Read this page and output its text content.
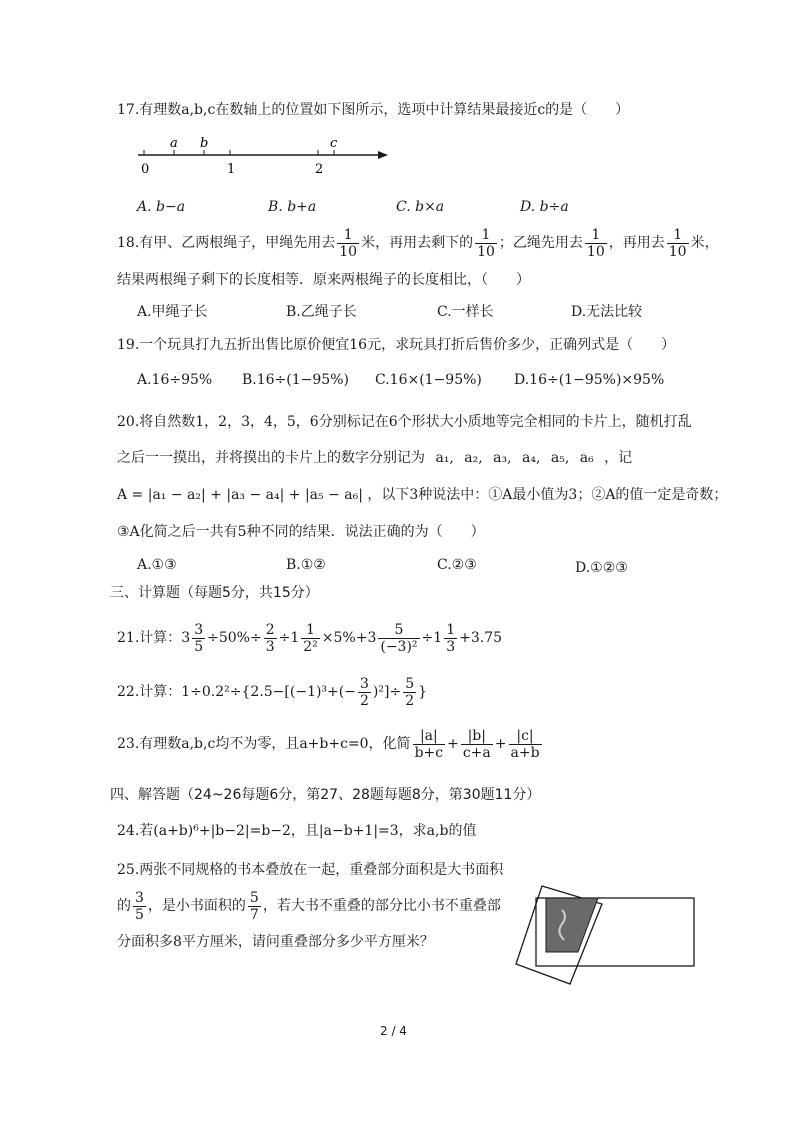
17.有理数a,b,c在数轴上的位置如下图所示，选项中计算结果最接近c的是（　　）
0	1	2
a b	c
A. b−a	B. b+a	C. b×a	D. b÷a
18.有甲、乙两根绳子，甲绳先用去 $\frac{1}{10}$ 米，再用去剩下的 $\frac{1}{10}$ ；乙绳先用去 $\frac{1}{10}$ ，再用去 $\frac{1}{10}$ 米，
结果两根绳子剩下的长度相等．原来两根绳子的长度相比，（　　）
A.甲绳子长	B.乙绳子长	C.一样长	D.无法比较
19.一个玩具打九五折出售比原价便宜16元，求玩具打折后售价多少，正确列式是（　　）
A.16÷95% B.16÷(1−95%) C.16×(1−95%) D.16÷(1−95%)×95%
20.将自然数1，2，3，4，5，6分别标记在6个形状大小质地等完全相同的卡片上，随机打乱
之后一一摸出，并将摸出的卡片上的数字分别记为 a₁, a₂, a₃, a₄, a₅, a₆ ，记
A = |a₁ − a₂| + |a₃ − a₄| + |a₅ − a₆| ，以下3种说法中：①A最小值为3；②A的值一定是奇数；
③A化简之后一共有5种不同的结果．说法正确的为（　　）
A.①③	B.①②	C.②③	D.①②③
三、计算题（每题5分，共15分）
21.计算：$3 \frac{3}{5} \div 50\%\div \frac{2}{3} \div 1 \frac{1}{\text{2²}} \times 5\%+3 \frac{5}{\text{(−3)²}} \div 1 \frac{1}{3} +3.75$
22.计算：$1\div 0.2^2\div\{2.5-[(-1)^3+(- \frac{3}{2} )^2]\div \frac{5}{2}$ }
23.有理数a,b,c均不为零，且a+b+c=0，化简 $\frac{|a|}{b+c} + \frac{|b|}{c+a} + \frac{|c|}{a+b}$
四、解答题（24~26每题6分，第27、28题每题8分，第30题11分）
24.若(a+b)⁶+|b−2|=b−2，且|a−b+1|=3，求a,b的值
25.两张不同规格的书本叠放在一起，重叠部分面积是大书面积
的 $\frac{3}{5}$ ，是小书面积的 $\frac{5}{7}$ ，若大书不重叠的部分比小书不重叠部
分面积多8平方厘米，请问重叠部分多少平方厘米？
2 / 4
